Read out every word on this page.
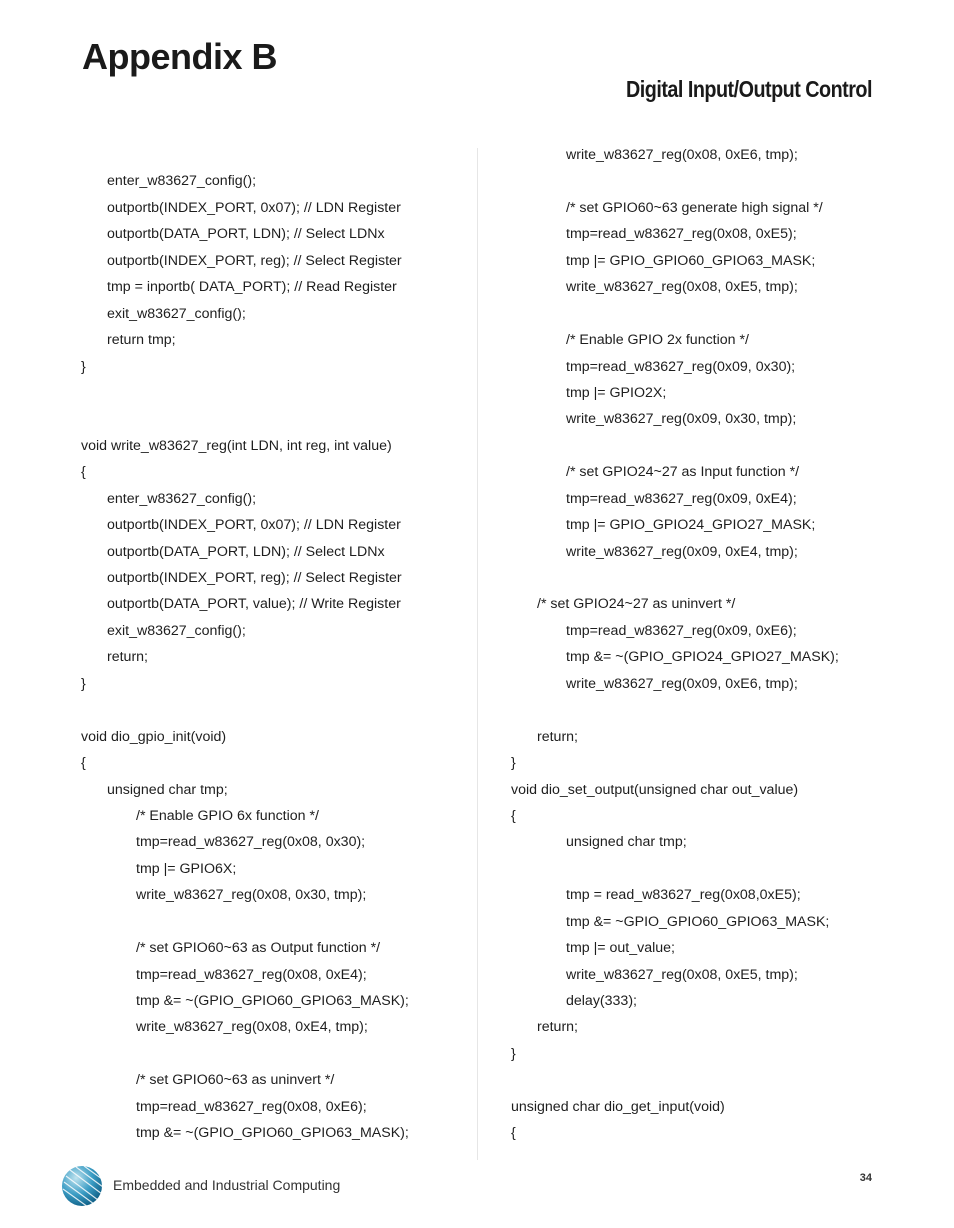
Appendix B
Digital Input/Output Control
enter_w83627_config();
outportb(INDEX_PORT, 0x07); // LDN Register
outportb(DATA_PORT, LDN); // Select LDNx
outportb(INDEX_PORT, reg); // Select Register
tmp = inportb( DATA_PORT); // Read Register
exit_w83627_config();
return tmp;
}
void write_w83627_reg(int LDN, int reg, int value)
{
enter_w83627_config();
outportb(INDEX_PORT, 0x07); // LDN Register
outportb(DATA_PORT, LDN); // Select LDNx
outportb(INDEX_PORT, reg); // Select Register
outportb(DATA_PORT, value); // Write Register
exit_w83627_config();
return;
}
void dio_gpio_init(void)
{
unsigned char tmp;
/* Enable GPIO 6x function */
tmp=read_w83627_reg(0x08, 0x30);
tmp |= GPIO6X;
write_w83627_reg(0x08, 0x30, tmp);
/* set GPIO60~63 as Output function */
tmp=read_w83627_reg(0x08, 0xE4);
tmp &= ~(GPIO_GPIO60_GPIO63_MASK);
write_w83627_reg(0x08, 0xE4, tmp);
/* set GPIO60~63 as uninvert */
tmp=read_w83627_reg(0x08, 0xE6);
tmp &= ~(GPIO_GPIO60_GPIO63_MASK);
write_w83627_reg(0x08, 0xE6, tmp);
/* set GPIO60~63 generate high signal */
tmp=read_w83627_reg(0x08, 0xE5);
tmp |= GPIO_GPIO60_GPIO63_MASK;
write_w83627_reg(0x08, 0xE5, tmp);
/* Enable GPIO 2x function */
tmp=read_w83627_reg(0x09, 0x30);
tmp |= GPIO2X;
write_w83627_reg(0x09, 0x30, tmp);
/* set GPIO24~27 as Input function */
tmp=read_w83627_reg(0x09, 0xE4);
tmp |= GPIO_GPIO24_GPIO27_MASK;
write_w83627_reg(0x09, 0xE4, tmp);
/* set GPIO24~27 as uninvert */
tmp=read_w83627_reg(0x09, 0xE6);
tmp &= ~(GPIO_GPIO24_GPIO27_MASK);
write_w83627_reg(0x09, 0xE6, tmp);
return;
}
void dio_set_output(unsigned char out_value)
{
unsigned char tmp;
tmp = read_w83627_reg(0x08,0xE5);
tmp &= ~GPIO_GPIO60_GPIO63_MASK;
tmp |= out_value;
write_w83627_reg(0x08, 0xE5, tmp);
delay(333);
return;
}
unsigned char dio_get_input(void)
{
Embedded and Industrial Computing	34
